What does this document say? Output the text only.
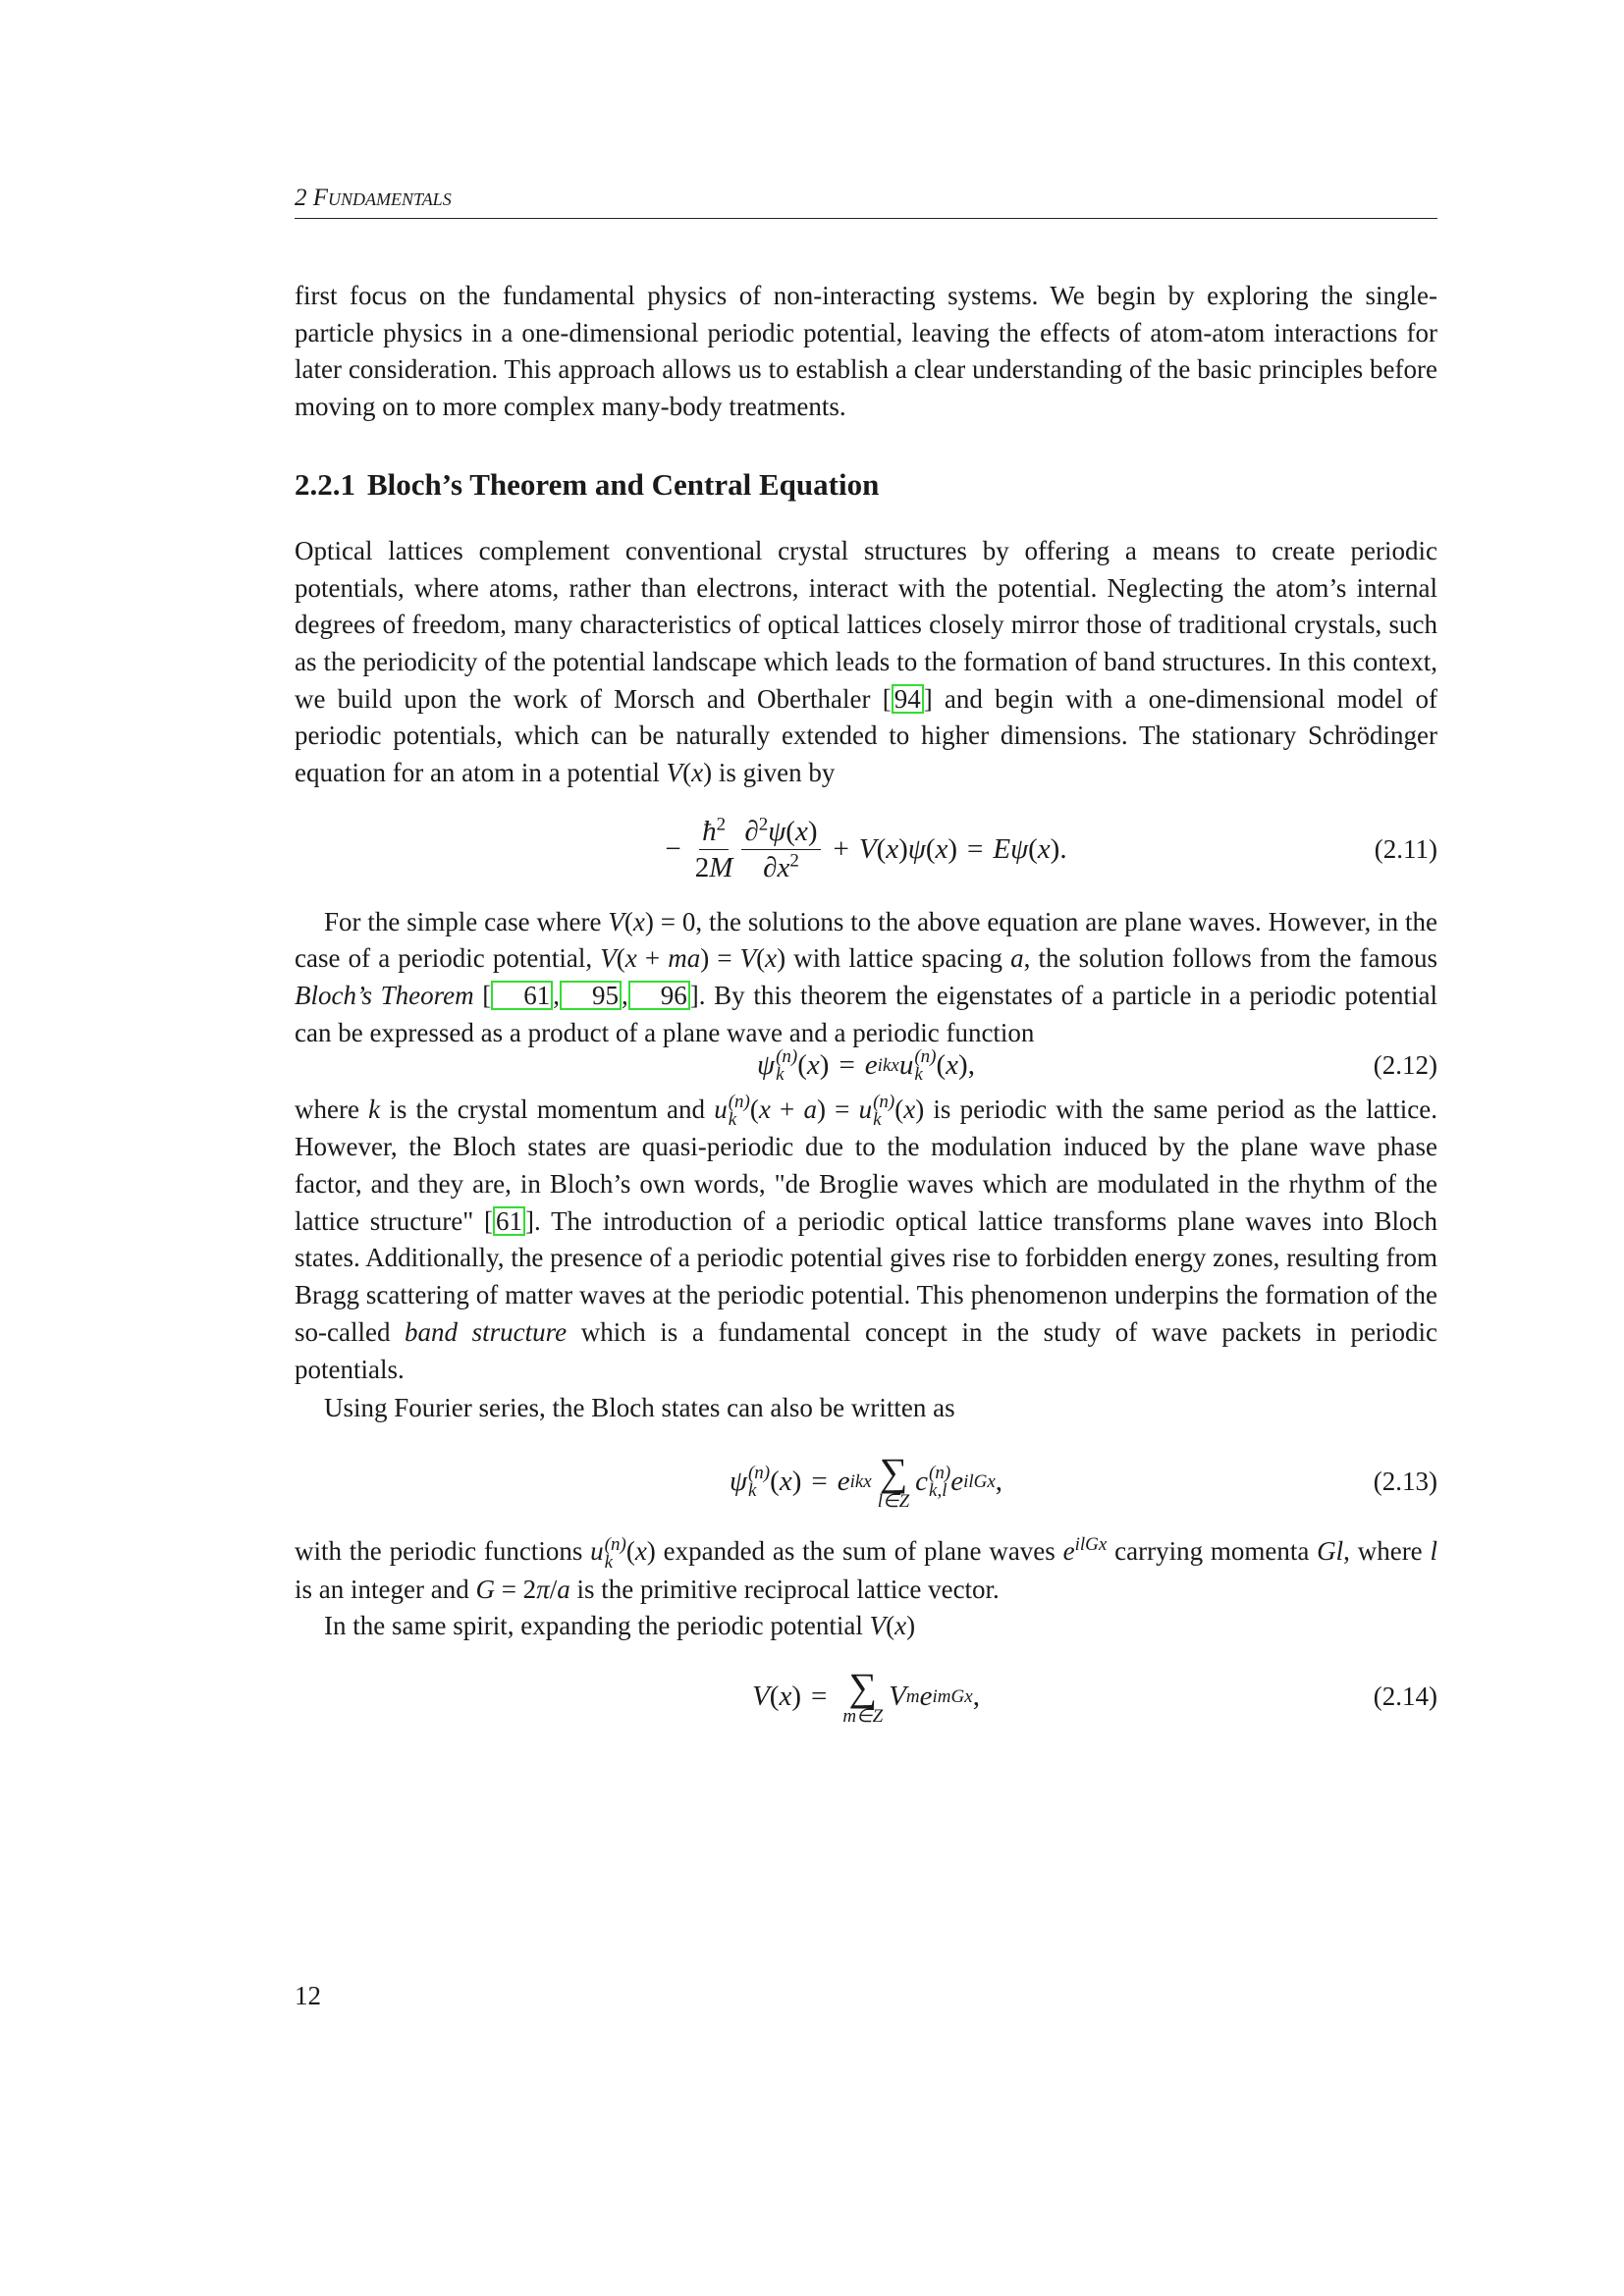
2 Fundamentals

first focus on the fundamental physics of non-interacting systems. We begin by exploring the single-particle physics in a one-dimensional periodic potential, leaving the effects of atom-atom interactions for later consideration. This approach allows us to establish a clear understanding of the basic principles before moving on to more complex many-body treatments.

2.2.1 Bloch’s Theorem and Central Equation

Optical lattices complement conventional crystal structures by offering a means to create periodic potentials, where atoms, rather than electrons, interact with the potential. Neglecting the atom’s internal degrees of freedom, many characteristics of optical lattices closely mirror those of traditional crystals, such as the periodicity of the potential landscape which leads to the formation of band structures. In this context, we build upon the work of Morsch and Oberthaler [ 94 ] and begin with a one-dimensional model of periodic potentials, which can be naturally extended to higher dimensions. The stationary Schrödinger equation for an atom in a potential V(x) is given by

− $\frac{ħ^2}{2M} \frac{\partial^2\psi(x)}{\partial x^2} + V$ ( x ) ψ ( x ) = Eψ ( x ).	(2.11)

For the simple case where V(x) = 0, the solutions to the above equation are plane waves. However, in the case of a periodic potential, V(x + ma) = V(x) with lattice spacing a, the solution follows from the famous Bloch’s Theorem [ 61 , 95 , 96 ]. By this theorem the eigenstates of a particle in a periodic potential can be expressed as a product of a plane wave and a periodic function

ψ (n)
k ( x ) = e ikx u (n)
k ( x ),	(2.12)

where k is the crystal momentum and u (n)
k (x + a) = u (n)
k (x) is periodic with the same period as the lattice. However, the Bloch states are quasi-periodic due to the modulation induced by the plane wave phase factor, and they are, in Bloch’s own words, "de Broglie waves which are modulated in the rhythm of the lattice structure" [ 61 ]. The introduction of a periodic optical lattice transforms plane waves into Bloch states. Additionally, the presence of a periodic potential gives rise to forbidden energy zones, resulting from Bragg scattering of matter waves at the periodic potential. This phenomenon underpins the formation of the so-called band structure which is a fundamental concept in the study of wave packets in periodic potentials.

Using Fourier series, the Bloch states can also be written as

ψ (n)
k ( x ) = e ikx ∑
l∈Z
c (n)
k,l e ilGx ,	(2.13)

with the periodic functions u (n)
k (x) expanded as the sum of plane waves $e^{ilGx}$ carrying momenta Gl, where l is an integer and G = 2π/a is the primitive reciprocal lattice vector.

In the same spirit, expanding the periodic potential V(x)

V ( x ) = ∑
m∈Z
V m e imGx ,	(2.14)
12
